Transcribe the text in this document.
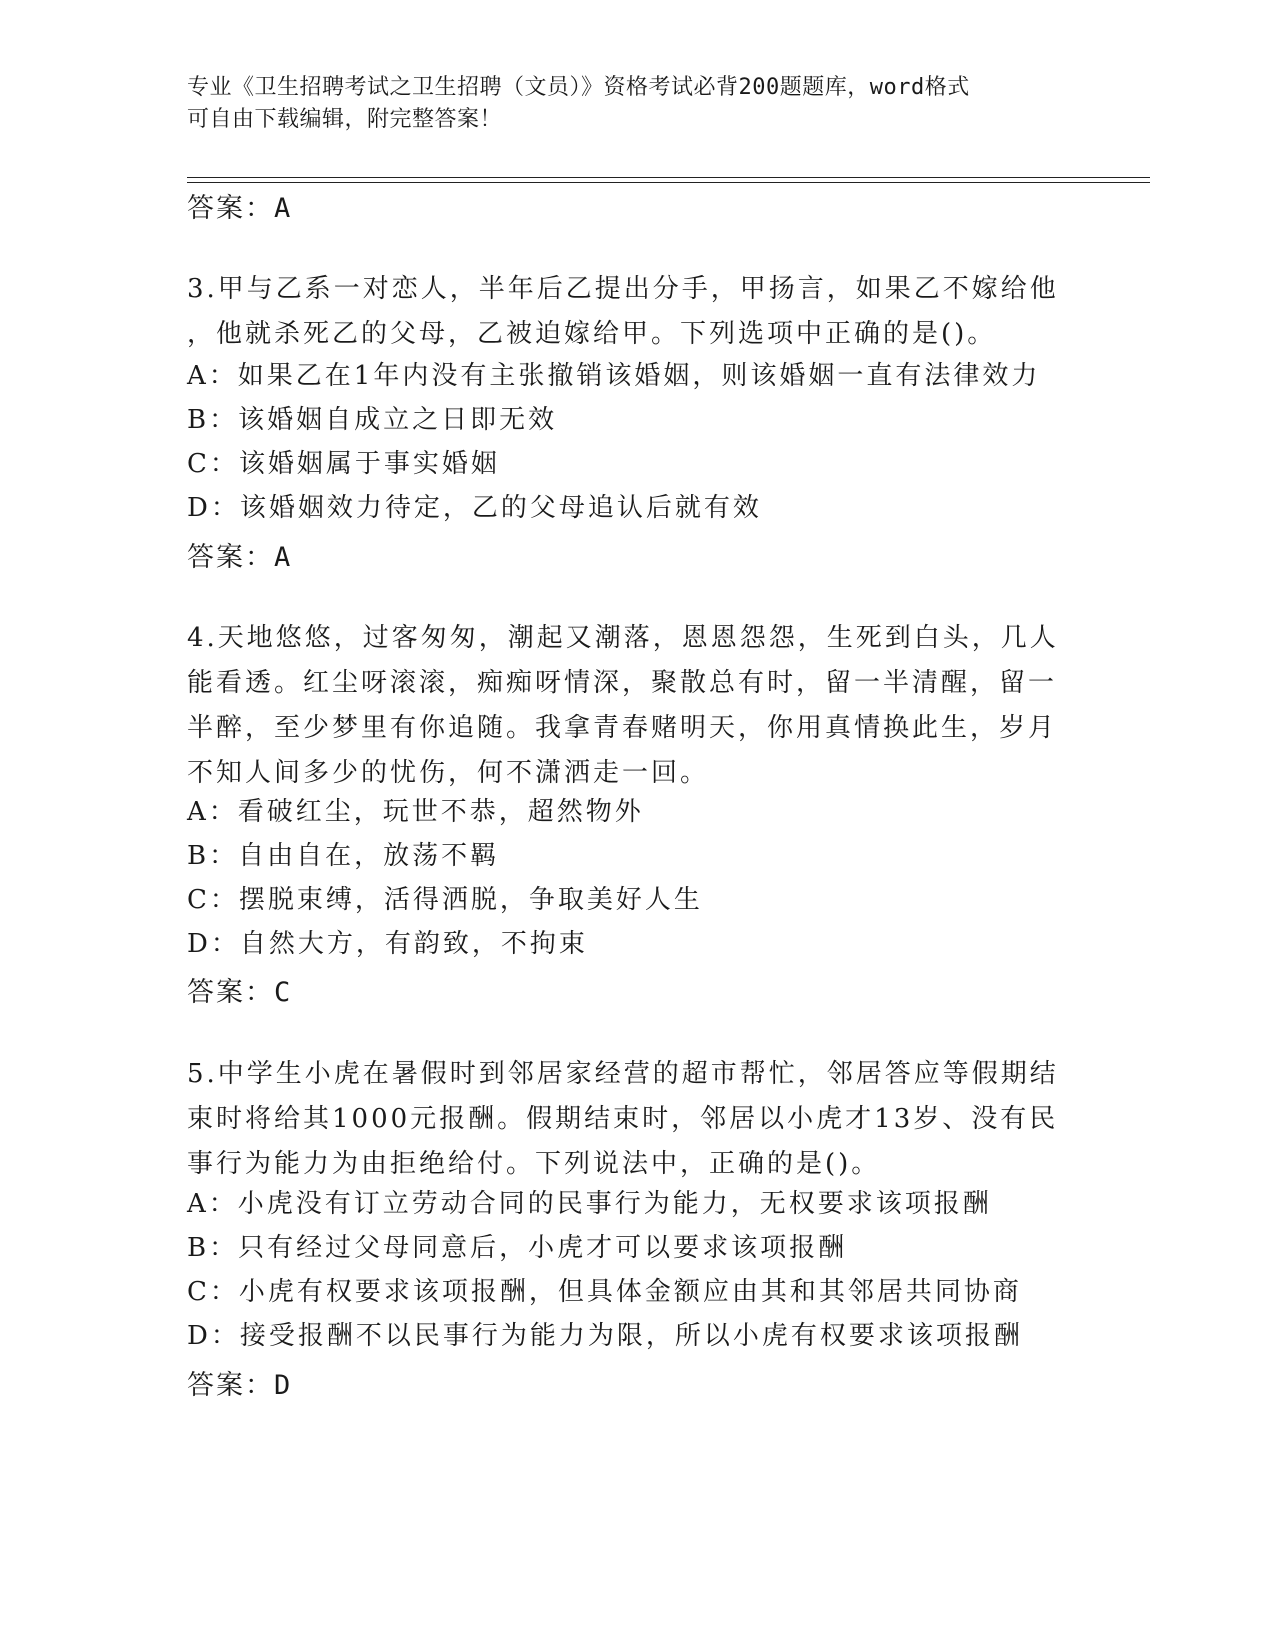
专业《卫生招聘考试之卫生招聘（文员）》资格考试必背200题题库，word格式
可自由下载编辑，附完整答案！
答案：A
3.甲与乙系一对恋人，半年后乙提出分手，甲扬言，如果乙不嫁给他
，他就杀死乙的父母，乙被迫嫁给甲。下列选项中正确的是()。
A：如果乙在1年内没有主张撤销该婚姻，则该婚姻一直有法律效力
B：该婚姻自成立之日即无效
C：该婚姻属于事实婚姻
D：该婚姻效力待定，乙的父母追认后就有效
答案：A
4.天地悠悠，过客匆匆，潮起又潮落，恩恩怨怨，生死到白头，几人
能看透。红尘呀滚滚，痴痴呀情深，聚散总有时，留一半清醒，留一
半醉，至少梦里有你追随。我拿青春赌明天，你用真情换此生，岁月
不知人间多少的忧伤，何不潇洒走一回。
A：看破红尘，玩世不恭，超然物外
B：自由自在，放荡不羁
C：摆脱束缚，活得洒脱，争取美好人生
D：自然大方，有韵致，不拘束
答案：C
5.中学生小虎在暑假时到邻居家经营的超市帮忙，邻居答应等假期结
束时将给其1000元报酬。假期结束时，邻居以小虎才13岁、没有民
事行为能力为由拒绝给付。下列说法中，正确的是()。
A：小虎没有订立劳动合同的民事行为能力，无权要求该项报酬
B：只有经过父母同意后，小虎才可以要求该项报酬
C：小虎有权要求该项报酬，但具体金额应由其和其邻居共同协商
D：接受报酬不以民事行为能力为限，所以小虎有权要求该项报酬
答案：D
